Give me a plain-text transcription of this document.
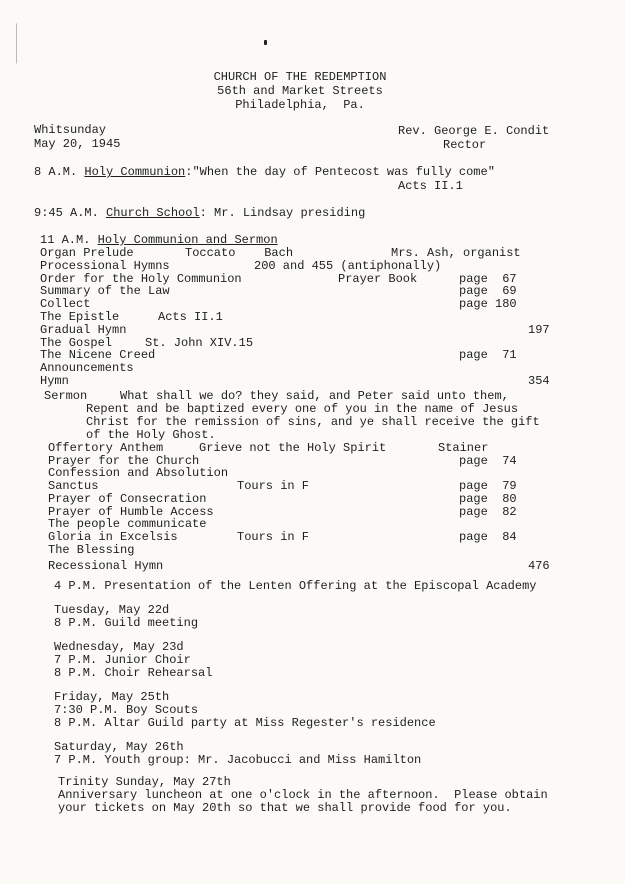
CHURCH OF THE REDEMPTION
56th and Market Streets
Philadelphia,  Pa.
Whitsunday
May 20, 1945
Rev. George E. Condit
Rector
8 A.M. Holy Communion:"When the day of Pentecost was fully come"
Acts II.1
9:45 A.M. Church School: Mr. Lindsay presiding
11 A.M. Holy Communion and Sermon
Organ Prelude	Toccato    Bach	Mrs. Ash, organist
Processional Hymns	200 and 455 (antiphonally)
Order for the Holy Communion	Prayer Book	page  67
Summary of the Law	page  69
Collect	page 180
The Epistle	Acts II.1
Gradual Hymn	197
The Gospel	St. John XIV.15
The Nicene Creed	page  71
Announcements
Hymn	354
Sermon	What shall we do? they said, and Peter said unto them,
Repent and be baptized every one of you in the name of Jesus
Christ for the remission of sins, and ye shall receive the gift
of the Holy Ghost.
Offertory Anthem	Grieve not the Holy Spirit	Stainer
Prayer for the Church	page  74
Confession and Absolution
Sanctus	Tours in F	page  79
Prayer of Consecration	page  80
Prayer of Humble Access	page  82
The people communicate
Gloria in Excelsis	Tours in F	page  84
The Blessing
Recessional Hymn	476
4 P.M. Presentation of the Lenten Offering at the Episcopal Academy
Tuesday, May 22d
8 P.M. Guild meeting
Wednesday, May 23d
7 P.M. Junior Choir
8 P.M. Choir Rehearsal
Friday, May 25th
7:30 P.M. Boy Scouts
8 P.M. Altar Guild party at Miss Regester's residence
Saturday, May 26th
7 P.M. Youth group: Mr. Jacobucci and Miss Hamilton
Trinity Sunday, May 27th
Anniversary luncheon at one o'clock in the afternoon.  Please obtain
your tickets on May 20th so that we shall provide food for you.
